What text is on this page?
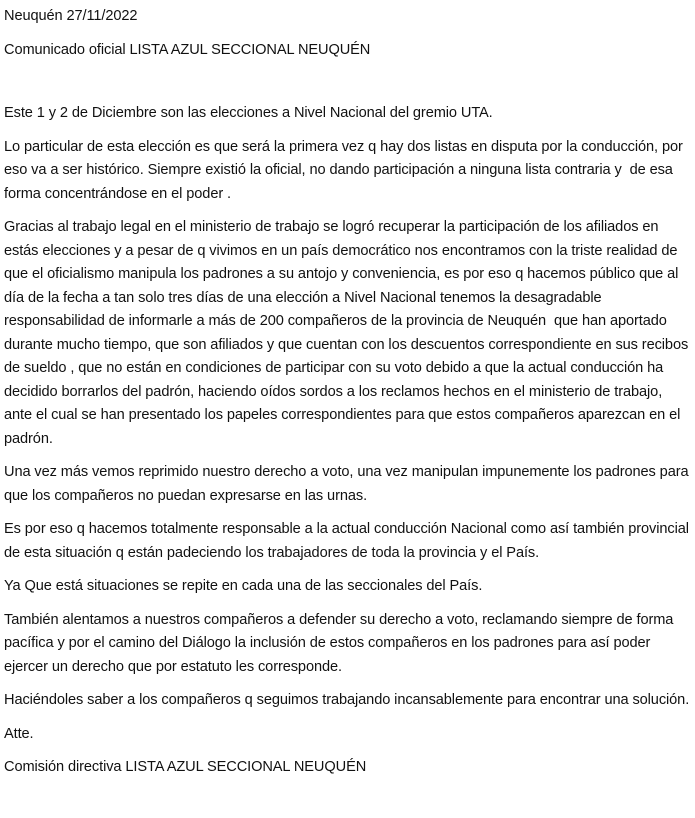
Neuquén 27/11/2022

Comunicado oficial LISTA AZUL SECCIONAL NEUQUÉN

Este 1 y 2 de Diciembre son las elecciones a Nivel Nacional del gremio UTA.

Lo particular de esta elección es que será la primera vez q hay dos listas en disputa por la conducción, por eso va a ser histórico. Siempre existió la oficial, no dando participación a ninguna lista contraria y  de esa forma concentrándose en el poder .

Gracias al trabajo legal en el ministerio de trabajo se logró recuperar la participación de los afiliados en estás elecciones y a pesar de q vivimos en un país democrático nos encontramos con la triste realidad de que el oficialismo manipula los padrones a su antojo y conveniencia, es por eso q hacemos público que al día de la fecha a tan solo tres días de una elección a Nivel Nacional tenemos la desagradable responsabilidad de informarle a más de 200 compañeros de la provincia de Neuquén  que han aportado durante mucho tiempo, que son afiliados y que cuentan con los descuentos correspondiente en sus recibos de sueldo , que no están en condiciones de participar con su voto debido a que la actual conducción ha decidido borrarlos del padrón, haciendo oídos sordos a los reclamos hechos en el ministerio de trabajo, ante el cual se han presentado los papeles correspondientes para que estos compañeros aparezcan en el padrón.

Una vez más vemos reprimido nuestro derecho a voto, una vez manipulan impunemente los padrones para que los compañeros no puedan expresarse en las urnas.

Es por eso q hacemos totalmente responsable a la actual conducción Nacional como así también provincial de esta situación q están padeciendo los trabajadores de toda la provincia y el País.

Ya Que está situaciones se repite en cada una de las seccionales del País.

También alentamos a nuestros compañeros a defender su derecho a voto, reclamando siempre de forma pacífica y por el camino del Diálogo la inclusión de estos compañeros en los padrones para así poder ejercer un derecho que por estatuto les corresponde.

Haciéndoles saber a los compañeros q seguimos trabajando incansablemente para encontrar una solución.

Atte.

Comisión directiva LISTA AZUL SECCIONAL NEUQUÉN
